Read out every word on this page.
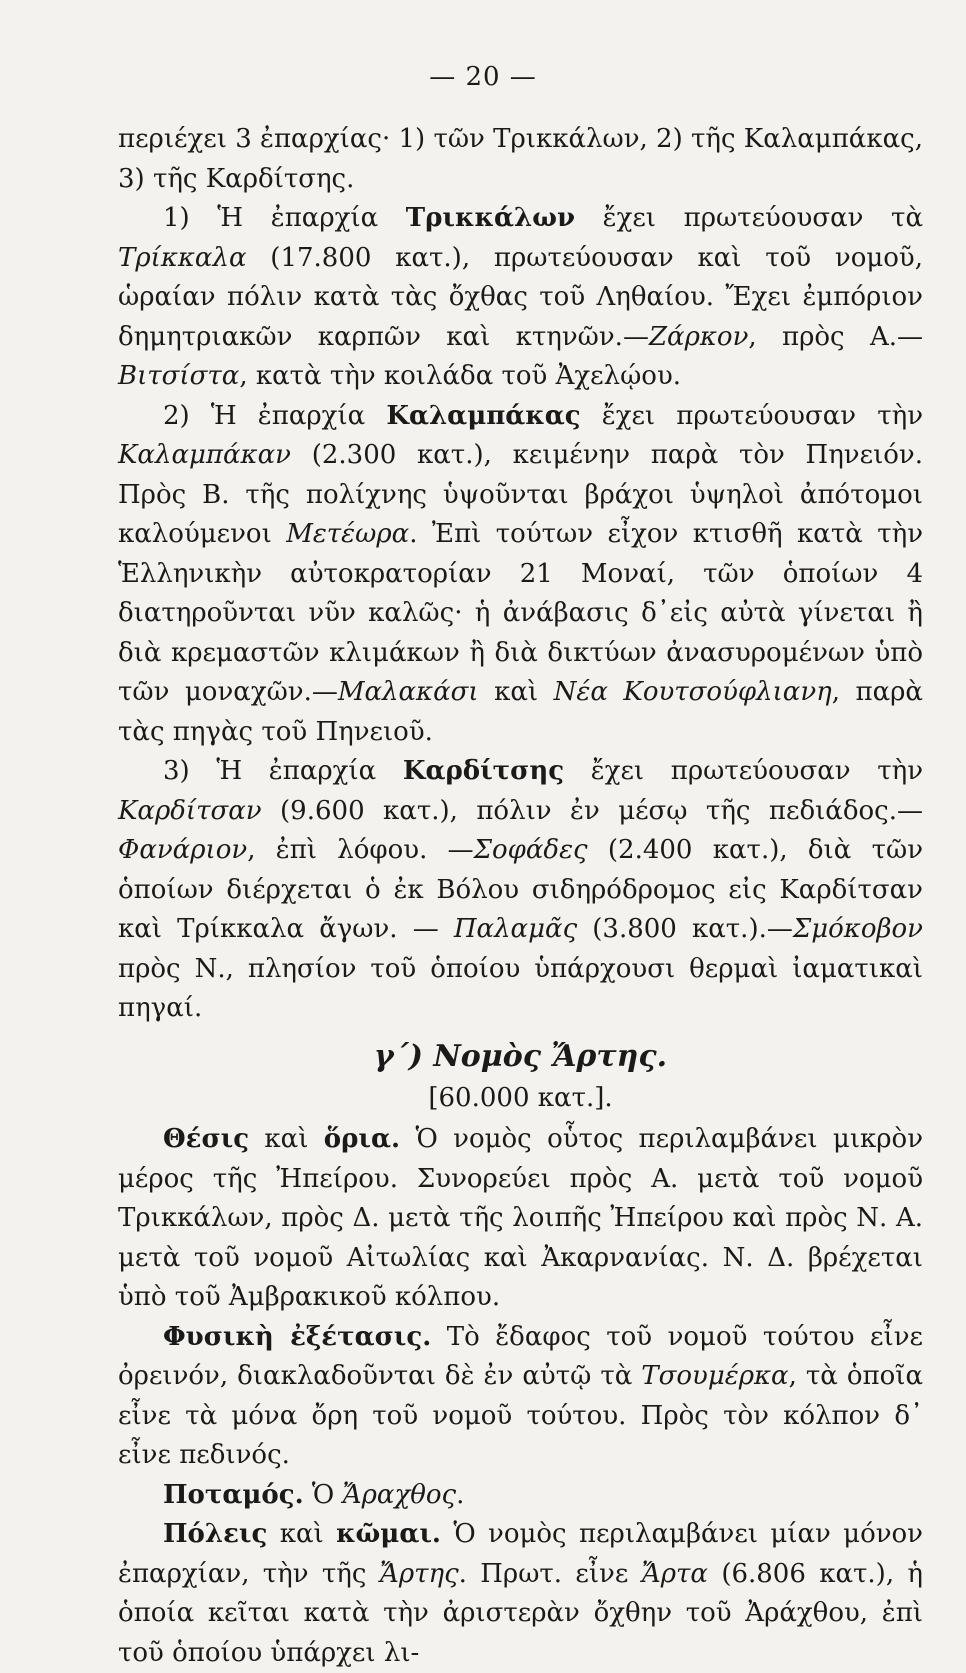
— 20 —

περιέχει 3 ἐπαρχίας· 1) τῶν Τρικκάλων, 2) τῆς Καλαμπάκας, 3) τῆς Καρδίτσης.

1) Ἡ ἐπαρχία Τρικκάλων ἔχει πρωτεύουσαν τὰ Τρίκκαλα (17.800 κατ.), πρωτεύουσαν καὶ τοῦ νομοῦ, ὡραίαν πόλιν κατὰ τὰς ὄχθας τοῦ Ληθαίου. Ἔχει ἐμπόριον δημητριακῶν καρπῶν καὶ κτηνῶν.—Ζάρκον, πρὸς Α.—Βιτσίστα, κατὰ τὴν κοιλάδα τοῦ Ἀχελῴου.

2) Ἡ ἐπαρχία Καλαμπάκας ἔχει πρωτεύουσαν τὴν Καλαμπάκαν (2.300 κατ.), κειμένην παρὰ τὸν Πηνειόν. Πρὸς Β. τῆς πολίχνης ὑψοῦνται βράχοι ὑψηλοὶ ἀπότομοι καλούμενοι Μετέωρα. Ἐπὶ τούτων εἶχον κτισθῆ κατὰ τὴν Ἑλληνικὴν αὐτοκρατορίαν 21 Μοναί, τῶν ὁποίων 4 διατηροῦνται νῦν καλῶς· ἡ ἀνάβασις δ᾽εἰς αὐτὰ γίνεται ἢ διὰ κρεμαστῶν κλιμάκων ἢ διὰ δικτύων ἀνασυρομένων ὑπὸ τῶν μοναχῶν.—Μαλακάσι καὶ Νέα Κουτσούφλιανη, παρὰ τὰς πηγὰς τοῦ Πηνειοῦ.

3) Ἡ ἐπαρχία Καρδίτσης ἔχει πρωτεύουσαν τὴν Καρδίτσαν (9.600 κατ.), πόλιν ἐν μέσῳ τῆς πεδιάδος.—Φανάριον, ἐπὶ λόφου. —Σοφάδες (2.400 κατ.), διὰ τῶν ὁποίων διέρχεται ὁ ἐκ Βόλου σιδηρόδρομος εἰς Καρδίτσαν καὶ Τρίκκαλα ἄγων. — Παλαμᾶς (3.800 κατ.).—Σμόκοβον πρὸς Ν., πλησίον τοῦ ὁποίου ὑπάρχουσι θερμαὶ ἰαματικαὶ πηγαί.

γ΄) Νομὸς Ἄρτης.
[60.000 κατ.].

Θέσις καὶ ὅρια. Ὁ νομὸς οὗτος περιλαμβάνει μικρὸν μέρος τῆς Ἠπείρου. Συνορεύει πρὸς Α. μετὰ τοῦ νομοῦ Τρικκάλων, πρὸς Δ. μετὰ τῆς λοιπῆς Ἠπείρου καὶ πρὸς Ν. Α. μετὰ τοῦ νομοῦ Αἰτωλίας καὶ Ἀκαρνανίας. Ν. Δ. βρέχεται ὑπὸ τοῦ Ἀμβρακικοῦ κόλπου.

Φυσικὴ ἐξέτασις. Τὸ ἔδαφος τοῦ νομοῦ τούτου εἶνε ὀρεινόν, διακλαδοῦνται δὲ ἐν αὐτῷ τὰ Τσουμέρκα, τὰ ὁποῖα εἶνε τὰ μόνα ὄρη τοῦ νομοῦ τούτου. Πρὸς τὸν κόλπον δ᾽ εἶνε πεδινός.

Ποταμός. Ὁ Ἄραχθος.

Πόλεις καὶ κῶμαι. Ὁ νομὸς περιλαμβάνει μίαν μόνον ἐπαρχίαν, τὴν τῆς Ἄρτης. Πρωτ. εἶνε Ἄρτα (6.806 κατ.), ἡ ὁποία κεῖται κατὰ τὴν ἀριστερὰν ὄχθην τοῦ Ἀράχθου, ἐπὶ τοῦ ὁποίου ὑπάρχει λι-
